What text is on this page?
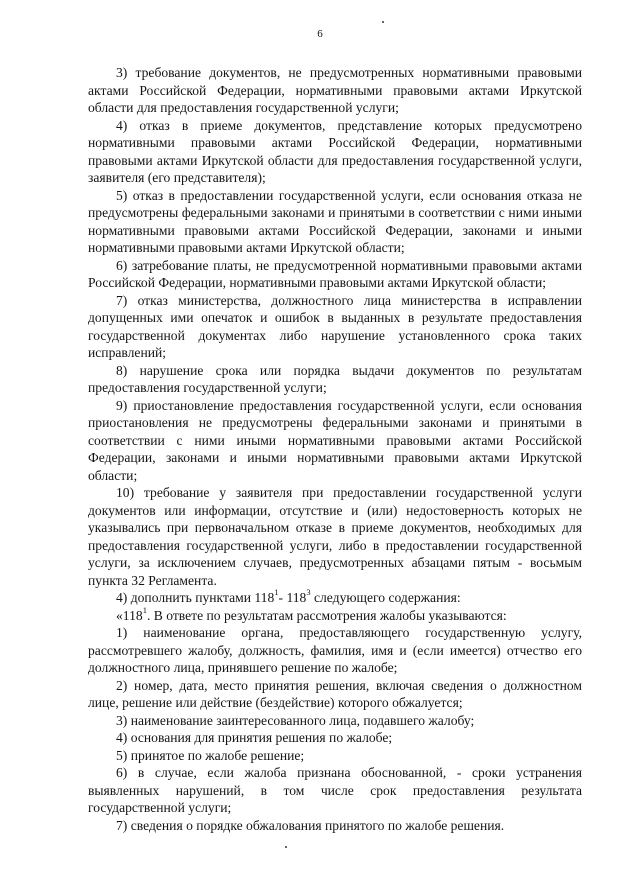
6

3) требование документов, не предусмотренных нормативными правовыми актами Российской Федерации, нормативными правовыми актами Иркутской области для предоставления государственной услуги;

4) отказ в приеме документов, представление которых предусмотрено нормативными правовыми актами Российской Федерации, нормативными правовыми актами Иркутской области для предоставления государственной услуги, заявителя (его представителя);

5) отказ в предоставлении государственной услуги, если основания отказа не предусмотрены федеральными законами и принятыми в соответствии с ними иными нормативными правовыми актами Российской Федерации, законами и иными нормативными правовыми актами Иркутской области;

6) затребование платы, не предусмотренной нормативными правовыми актами Российской Федерации, нормативными правовыми актами Иркутской области;

7) отказ министерства, должностного лица министерства в исправлении допущенных ими опечаток и ошибок в выданных в результате предоставления государственной документах либо нарушение установленного срока таких исправлений;

8) нарушение срока или порядка выдачи документов по результатам предоставления государственной услуги;

9) приостановление предоставления государственной услуги, если основания приостановления не предусмотрены федеральными законами и принятыми в соответствии с ними иными нормативными правовыми актами Российской Федерации, законами и иными нормативными правовыми актами Иркутской области;

10) требование у заявителя при предоставлении государственной услуги документов или информации, отсутствие и (или) недостоверность которых не указывались при первоначальном отказе в приеме документов, необходимых для предоставления государственной услуги, либо в предоставлении государственной услуги, за исключением случаев, предусмотренных абзацами пятым - восьмым пункта 32 Регламента.

4) дополнить пунктами $118^1-$ $118^3$ следующего содержания:

«$118^1$. В ответе по результатам рассмотрения жалобы указываются:

1) наименование органа, предоставляющего государственную услугу, рассмотревшего жалобу, должность, фамилия, имя и (если имеется) отчество его должностного лица, принявшего решение по жалобе;

2) номер, дата, место принятия решения, включая сведения о должностном лице, решение или действие (бездействие) которого обжалуется;

3) наименование заинтересованного лица, подавшего жалобу;

4) основания для принятия решения по жалобе;

5) принятое по жалобе решение;

6) в случае, если жалоба признана обоснованной, - сроки устранения выявленных нарушений, в том числе срок предоставления результата государственной услуги;

7) сведения о порядке обжалования принятого по жалобе решения.
